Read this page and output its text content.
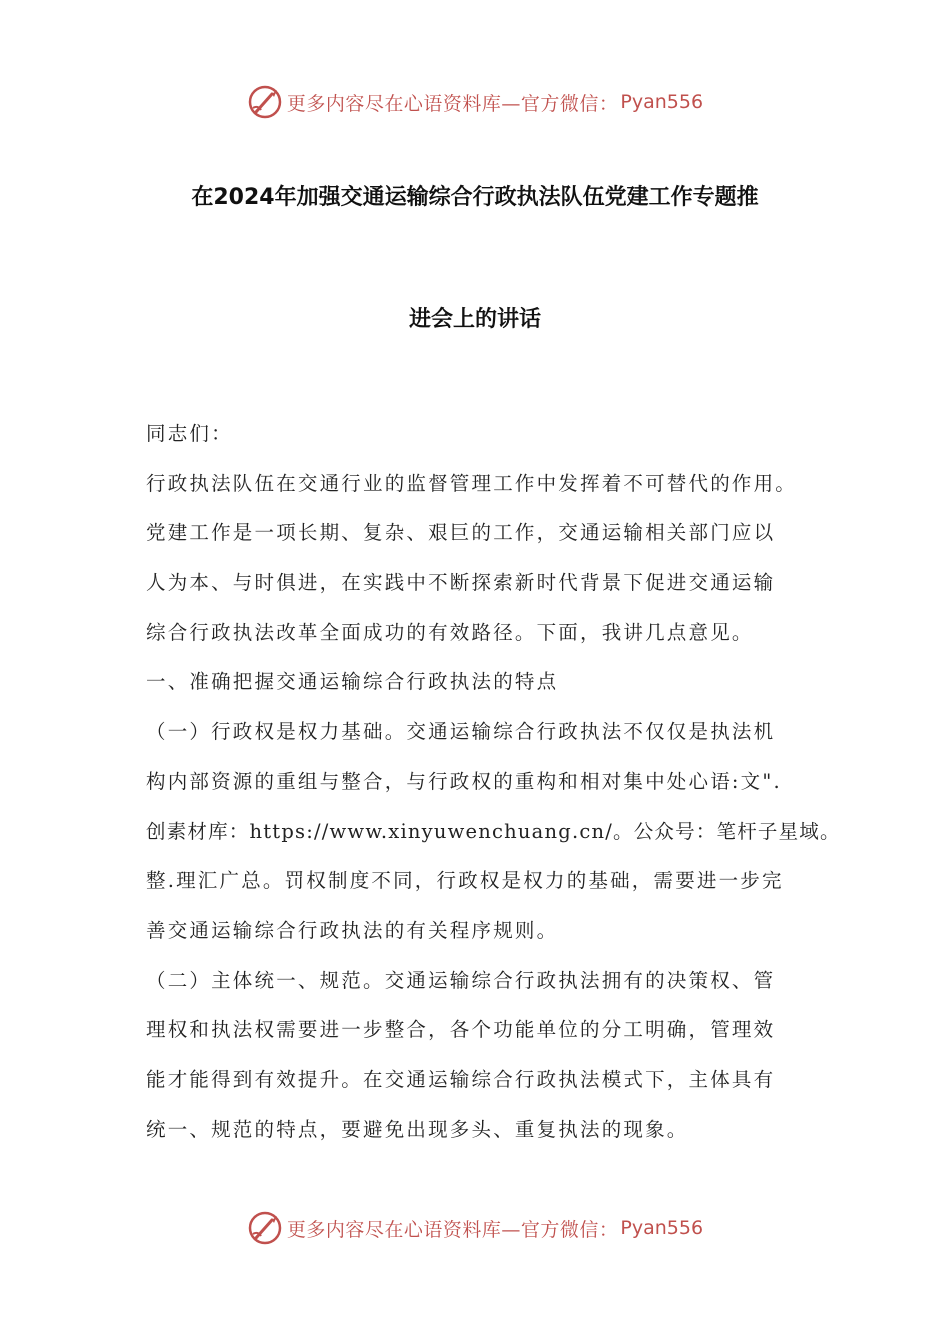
更多内容尽在心语资料库—官方微信： Pyan556
在2024年加强交通运输综合行政执法队伍党建工作专题推
进会上的讲话
同志们：
行政执法队伍在交通行业的监督管理工作中发挥着不可替代的作用。
党建工作是一项长期、复杂、艰巨的工作，交通运输相关部门应以
人为本、与时俱进，在实践中不断探索新时代背景下促进交通运输
综合行政执法改革全面成功的有效路径。下面，我讲几点意见。
一、准确把握交通运输综合行政执法的特点
（一）行政权是权力基础。交通运输综合行政执法不仅仅是执法机
构内部资源的重组与整合，与行政权的重构和相对集中处心语:文".
创素材库：https://www.xinyuwenchuang.cn/。公众号：笔杆子星域。
整.理汇广总。罚权制度不同，行政权是权力的基础，需要进一步完
善交通运输综合行政执法的有关程序规则。
（二）主体统一、规范。交通运输综合行政执法拥有的决策权、管
理权和执法权需要进一步整合，各个功能单位的分工明确，管理效
能才能得到有效提升。在交通运输综合行政执法模式下，主体具有
统一、规范的特点，要避免出现多头、重复执法的现象。
更多内容尽在心语资料库—官方微信： Pyan556
